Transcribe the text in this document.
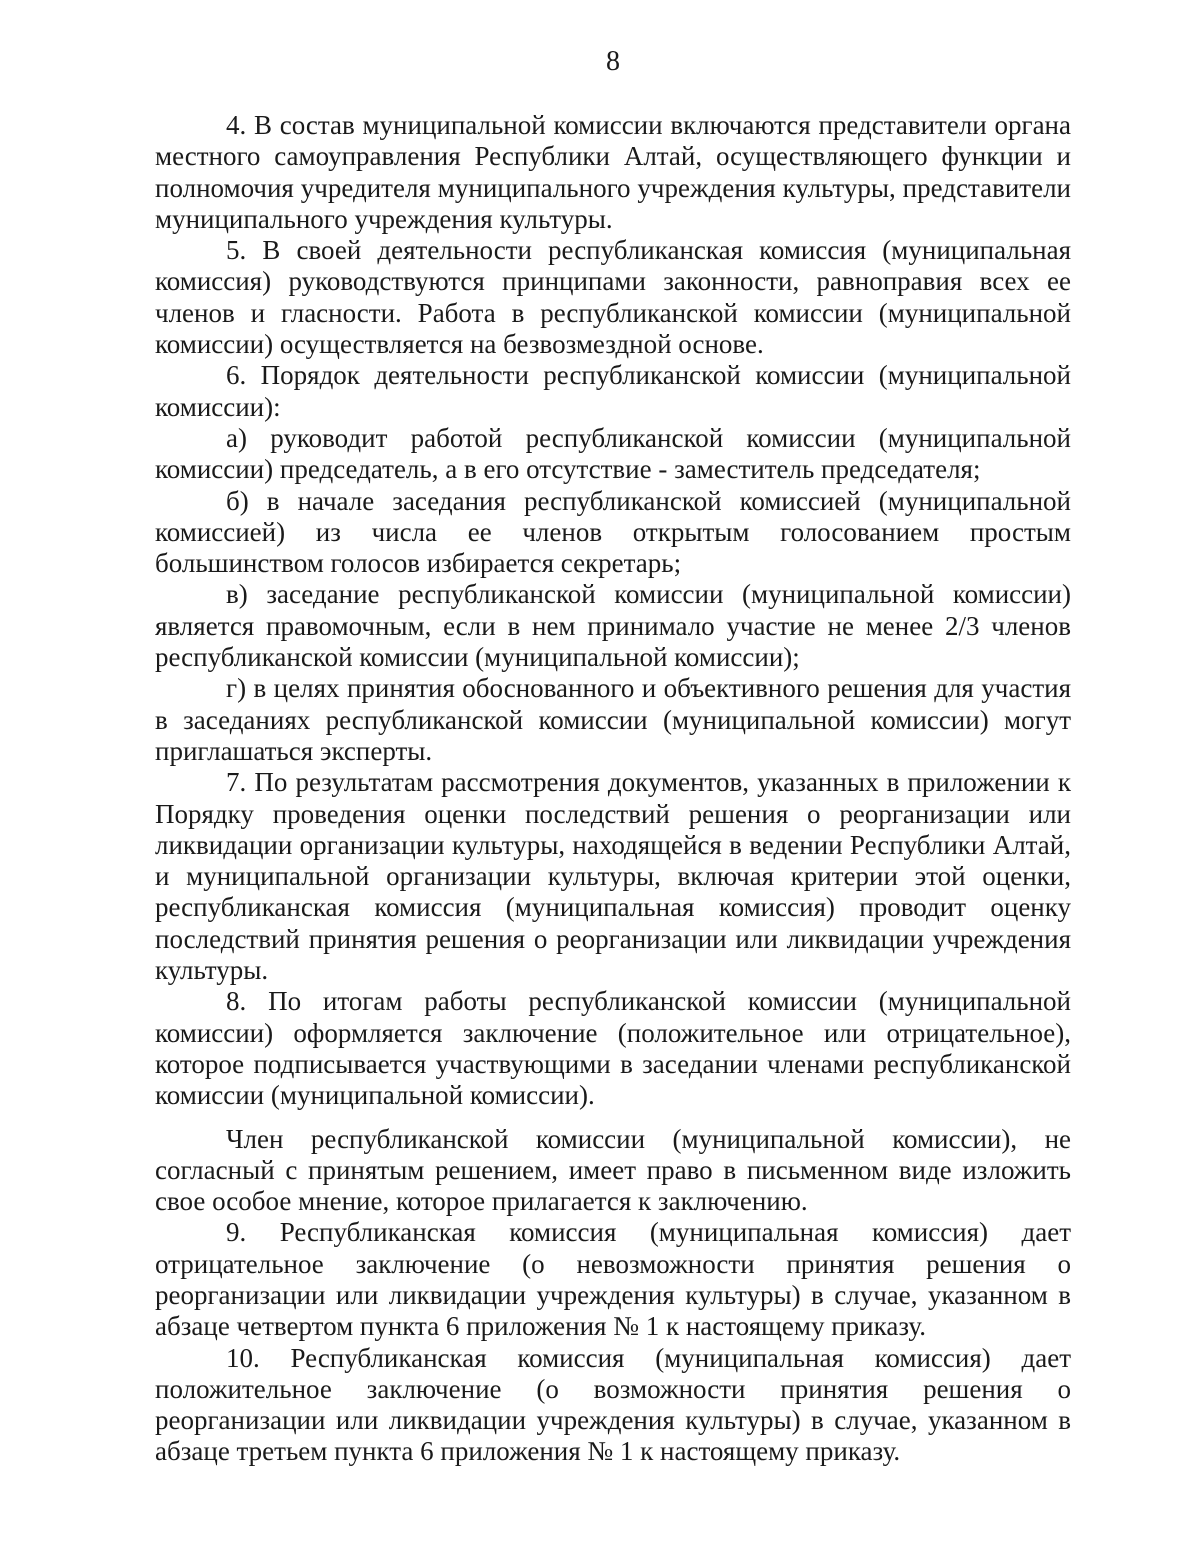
8

4. В состав муниципальной комиссии включаются представители органа местного самоуправления Республики Алтай, осуществляющего функции и полномочия учредителя муниципального учреждения культуры, представители муниципального учреждения культуры.

5. В своей деятельности республиканская комиссия (муниципальная комиссия) руководствуются принципами законности, равноправия всех ее членов и гласности. Работа в республиканской комиссии (муниципальной комиссии) осуществляется на безвозмездной основе.

6. Порядок деятельности республиканской комиссии (муниципальной комиссии):

а) руководит работой республиканской комиссии (муниципальной комиссии) председатель, а в его отсутствие - заместитель председателя;

б) в начале заседания республиканской комиссией (муниципальной комиссией) из числа ее членов открытым голосованием простым большинством голосов избирается секретарь;

в) заседание республиканской комиссии (муниципальной комиссии) является правомочным, если в нем принимало участие не менее 2/3 членов республиканской комиссии (муниципальной комиссии);

г) в целях принятия обоснованного и объективного решения для участия в заседаниях республиканской комиссии (муниципальной комиссии) могут приглашаться эксперты.

7. По результатам рассмотрения документов, указанных в приложении к Порядку проведения оценки последствий решения о реорганизации или ликвидации организации культуры, находящейся в ведении Республики Алтай, и муниципальной организации культуры, включая критерии этой оценки, республиканская комиссия (муниципальная комиссия) проводит оценку последствий принятия решения о реорганизации или ликвидации учреждения культуры.

8. По итогам работы республиканской комиссии (муниципальной комиссии) оформляется заключение (положительное или отрицательное), которое подписывается участвующими в заседании членами республиканской комиссии (муниципальной комиссии).

Член республиканской комиссии (муниципальной комиссии), не согласный с принятым решением, имеет право в письменном виде изложить свое особое мнение, которое прилагается к заключению.

9. Республиканская комиссия (муниципальная комиссия) дает отрицательное заключение (о невозможности принятия решения о реорганизации или ликвидации учреждения культуры) в случае, указанном в абзаце четвертом пункта 6 приложения № 1 к настоящему приказу.

10. Республиканская комиссия (муниципальная комиссия) дает положительное заключение (о возможности принятия решения о реорганизации или ликвидации учреждения культуры) в случае, указанном в абзаце третьем пункта 6 приложения № 1 к настоящему приказу.
